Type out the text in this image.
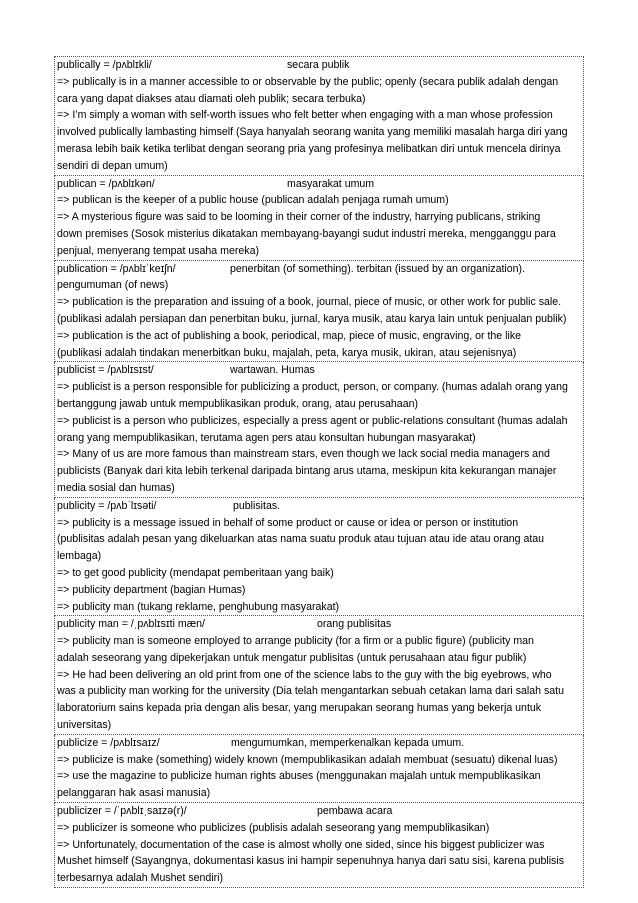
publically = /pʌblɪkli/	secara publik
=> publically is in a manner accessible to or observable by the public; openly (secara publik adalah dengan
cara yang dapat diakses atau diamati oleh publik; secara terbuka)
=> I’m simply a woman with self-worth issues who felt better when engaging with a man whose profession
involved publically lambasting himself (Saya hanyalah seorang wanita yang memiliki masalah harga diri yang
merasa lebih baik ketika terlibat dengan seorang pria yang profesinya melibatkan diri untuk mencela dirinya
sendiri di depan umum)
publican = /pʌblɪkən/	masyarakat umum
=> publican is the keeper of a public house (publican adalah penjaga rumah umum)
=> A mysterious figure was said to be looming in their corner of the industry, harrying publicans, striking
down premises (Sosok misterius dikatakan membayang-bayangi sudut industri mereka, mengganggu para
penjual, menyerang tempat usaha mereka)
publication = /pʌblɪˈkeɪʃn/	penerbitan (of something). terbitan (issued by an organization).
pengumuman (of news)
=> publication is the preparation and issuing of a book, journal, piece of music, or other work for public sale.
(publikasi adalah persiapan dan penerbitan buku, jurnal, karya musik, atau karya lain untuk penjualan publik)
=> publication is the act of publishing a book, periodical, map, piece of music, engraving, or the like
(publikasi adalah tindakan menerbitkan buku, majalah, peta, karya musik, ukiran, atau sejenisnya)
publicist = /pʌblɪsɪst/	wartawan. Humas
=> publicist is a person responsible for publicizing a product, person, or company. (humas adalah orang yang
bertanggung jawab untuk mempublikasikan produk, orang, atau perusahaan)
=> publicist is a person who publicizes, especially a press agent or public-relations consultant (humas adalah
orang yang mempublikasikan, terutama agen pers atau konsultan hubungan masyarakat)
=> Many of us are more famous than mainstream stars, even though we lack social media managers and
publicists (Banyak dari kita lebih terkenal daripada bintang arus utama, meskipun kita kekurangan manajer
media sosial dan humas)
publicity = /pʌbˈlɪsəti/	publisitas.
=> publicity is a message issued in behalf of some product or cause or idea or person or institution
(publisitas adalah pesan yang dikeluarkan atas nama suatu produk atau tujuan atau ide atau orang atau
lembaga)
=> to get good publicity (mendapat pemberitaan yang baik)
=> publicity department (bagian Humas)
=> publicity man (tukang reklame, penghubung masyarakat)
publicity man = /ˌpʌblɪsɪti mæn/	orang publisitas
=> publicity man is someone employed to arrange publicity (for a firm or a public figure) (publicity man
adalah seseorang yang dipekerjakan untuk mengatur publisitas (untuk perusahaan atau figur publik)
=> He had been delivering an old print from one of the science labs to the guy with the big eyebrows, who
was a publicity man working for the university (Dia telah mengantarkan sebuah cetakan lama dari salah satu
laboratorium sains kepada pria dengan alis besar, yang merupakan seorang humas yang bekerja untuk
universitas)
publicize = /pʌblɪsaɪz/	mengumumkan, memperkenalkan kepada umum.
=> publicize is make (something) widely known (mempublikasikan adalah membuat (sesuatu) dikenal luas)
=> use the magazine to publicize human rights abuses (menggunakan majalah untuk mempublikasikan
pelanggaran hak asasi manusia)
publicizer = /ˈpʌblɪˌsaɪzə(r)/	pembawa acara
=> publicizer is someone who publicizes (publisis adalah seseorang yang mempublikasikan)
=> Unfortunately, documentation of the case is almost wholly one sided, since his biggest publicizer was
Mushet himself (Sayangnya, dokumentasi kasus ini hampir sepenuhnya hanya dari satu sisi, karena publisis
terbesarnya adalah Mushet sendiri)
